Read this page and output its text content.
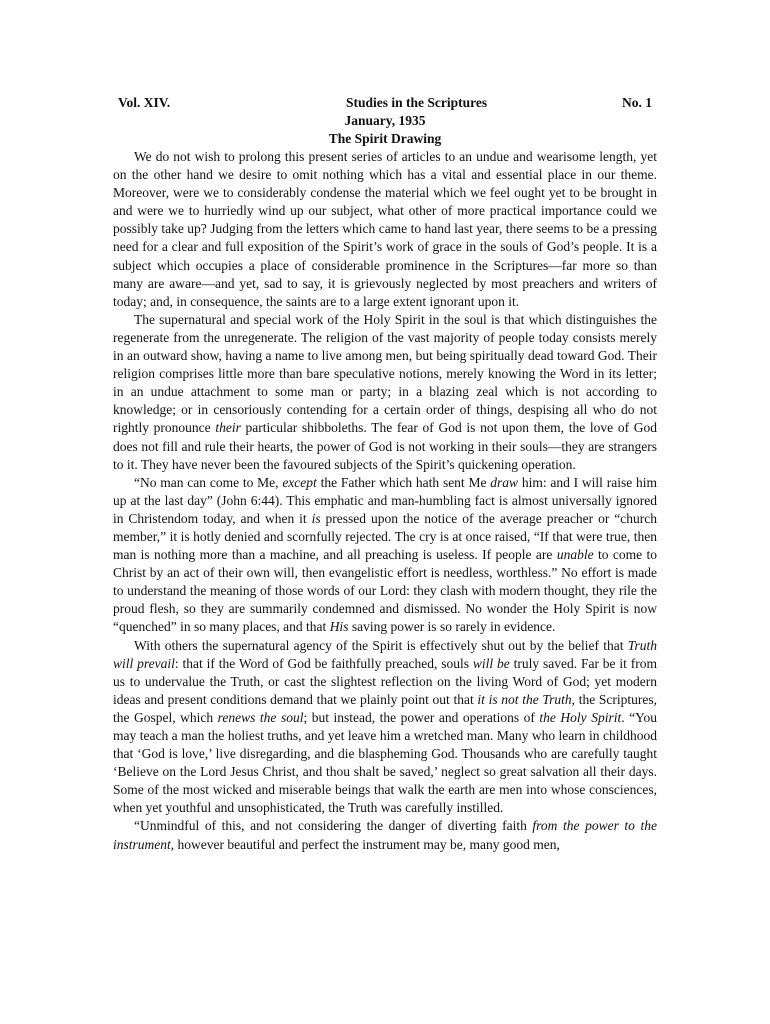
Vol. XIV.	Studies in the Scriptures	No. 1
January, 1935
The Spirit Drawing

We do not wish to prolong this present series of articles to an undue and wearisome length, yet on the other hand we desire to omit nothing which has a vital and essential place in our theme. Moreover, were we to considerably condense the material which we feel ought yet to be brought in and were we to hurriedly wind up our subject, what other of more practical importance could we possibly take up? Judging from the letters which came to hand last year, there seems to be a pressing need for a clear and full exposition of the Spirit’s work of grace in the souls of God’s people. It is a subject which occupies a place of considerable prominence in the Scriptures—far more so than many are aware—and yet, sad to say, it is grievously neglected by most preachers and writers of today; and, in consequence, the saints are to a large extent ignorant upon it.

The supernatural and special work of the Holy Spirit in the soul is that which distinguishes the regenerate from the unregenerate. The religion of the vast majority of people today consists merely in an outward show, having a name to live among men, but being spiritually dead toward God. Their religion comprises little more than bare speculative notions, merely knowing the Word in its letter; in an undue attachment to some man or party; in a blazing zeal which is not according to knowledge; or in censoriously contending for a certain order of things, despising all who do not rightly pronounce their particular shibboleths. The fear of God is not upon them, the love of God does not fill and rule their hearts, the power of God is not working in their souls—they are strangers to it. They have never been the favoured subjects of the Spirit’s quickening operation.

“No man can come to Me, except the Father which hath sent Me draw him: and I will raise him up at the last day” (John 6:44). This emphatic and man-humbling fact is almost universally ignored in Christendom today, and when it is pressed upon the notice of the average preacher or “church member,” it is hotly denied and scornfully rejected. The cry is at once raised, “If that were true, then man is nothing more than a machine, and all preaching is useless. If people are unable to come to Christ by an act of their own will, then evangelistic effort is needless, worthless.” No effort is made to understand the meaning of those words of our Lord: they clash with modern thought, they rile the proud flesh, so they are summarily condemned and dismissed. No wonder the Holy Spirit is now “quenched” in so many places, and that His saving power is so rarely in evidence.

With others the supernatural agency of the Spirit is effectively shut out by the belief that Truth will prevail: that if the Word of God be faithfully preached, souls will be truly saved. Far be it from us to undervalue the Truth, or cast the slightest reflection on the living Word of God; yet modern ideas and present conditions demand that we plainly point out that it is not the Truth, the Scriptures, the Gospel, which renews the soul; but instead, the power and operations of the Holy Spirit. “You may teach a man the holiest truths, and yet leave him a wretched man. Many who learn in childhood that ‘God is love,’ live disregarding, and die blaspheming God. Thousands who are carefully taught ‘Believe on the Lord Jesus Christ, and thou shalt be saved,’ neglect so great salvation all their days. Some of the most wicked and miserable beings that walk the earth are men into whose consciences, when yet youthful and unsophisticated, the Truth was carefully instilled.

“Unmindful of this, and not considering the danger of diverting faith from the power to the instrument, however beautiful and perfect the instrument may be, many good men,
